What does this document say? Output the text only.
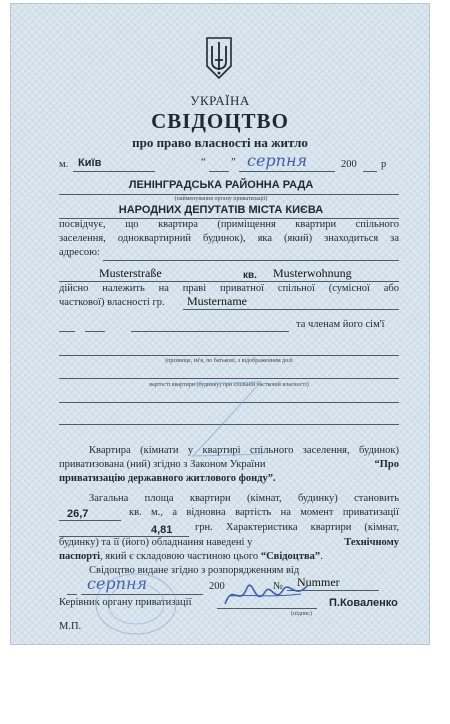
УКРАЇНА
СВІДОЦТВО
про право власності на житло
м. Київ	“ ” серпня	200 р
ЛЕНІНГРАДСЬКА РАЙОННА РАДА
(найменування органу приватизації)
НАРОДНИХ ДЕПУТАТІВ МІСТА КИЄВА
посвідчує, що квартира (приміщення квартири спільного
заселення, одноквартирний будинок), яка (який) знаходиться за
адресою:
Musterstraße	кв. Musterwohnung
дійсно належить на праві приватної спільної (сумісної або
часткової) власності гр. Mustername
та членам його сім'ї
(прізвище, ім'я, по батькові, з відображенням долі
вартості квартири (будинку) при спільній частковій власності)
Квартира (кімнати у квартирі спільного заселення, будинок)
приватизована (ний) згідно з Законом України	“Про
приватизацію державного житлового фонду”.
Загальна площа квартири (кімнат, будинку) становить
26,7	кв. м., а відновна вартість на момент приватизації
4,81 грн. Характеристика квартири (кімнат,
будинку) та її (його) обладнання наведені у	Технічному
паспорті, який є складовою частиною цього “Свідоцтва”.
Свідоцтво видане згідно з розпорядженням від
серпня	200	№ Nummer
Керівник органу приватизації
(підпис)
П.Коваленко
М.П.
